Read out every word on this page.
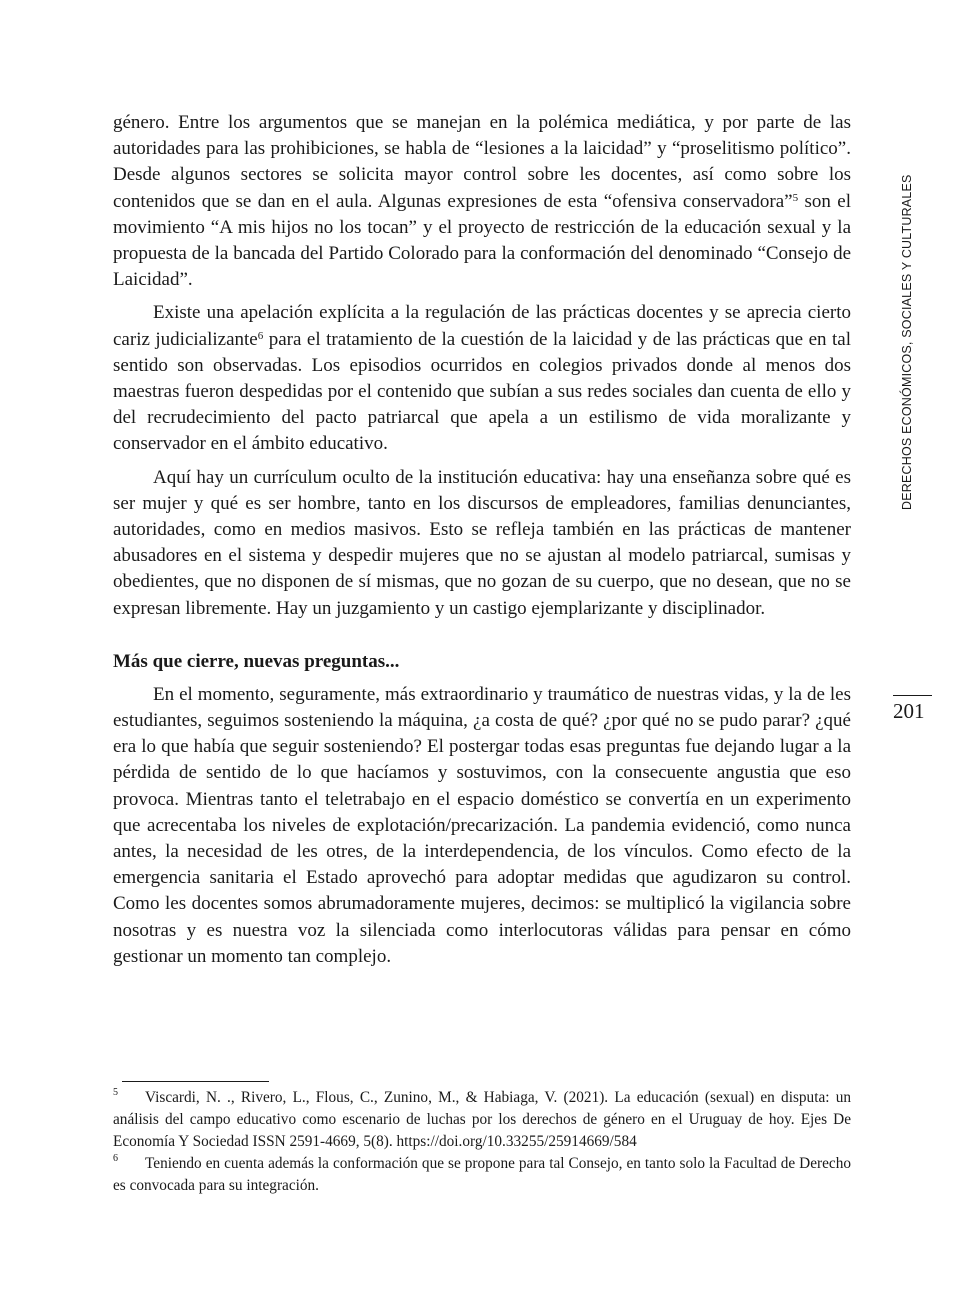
género. Entre los argumentos que se manejan en la polémica mediática, y por parte de las autoridades para las prohibiciones, se habla de “lesiones a la laicidad” y “proselitismo político”. Desde algunos sectores se solicita mayor control sobre les docentes, así como sobre los contenidos que se dan en el aula. Algunas expresiones de esta “ofensiva conservadora”$^5$ son el movimiento “A mis hijos no los tocan” y el proyecto de restricción de la educación sexual y la propuesta de la bancada del Partido Colorado para la conformación del denominado “Consejo de Laicidad”.

Existe una apelación explícita a la regulación de las prácticas docentes y se aprecia cierto cariz judicializante$^6$ para el tratamiento de la cuestión de la laicidad y de las prácticas que en tal sentido son observadas. Los episodios ocurridos en colegios privados donde al menos dos maestras fueron despedidas por el contenido que subían a sus redes sociales dan cuenta de ello y del recrudecimiento del pacto patriarcal que apela a un estilismo de vida moralizante y conservador en el ámbito educativo.

Aquí hay un currículum oculto de la institución educativa: hay una enseñanza sobre qué es ser mujer y qué es ser hombre, tanto en los discursos de empleadores, familias denunciantes, autoridades, como en medios masivos. Esto se refleja también en las prácticas de mantener abusadores en el sistema y despedir mujeres que no se ajustan al modelo patriarcal, sumisas y obedientes, que no disponen de sí mismas, que no gozan de su cuerpo, que no desean, que no se expresan libremente. Hay un juzgamiento y un castigo ejemplarizante y disciplinador.

Más que cierre, nuevas preguntas...

En el momento, seguramente, más extraordinario y traumático de nuestras vidas, y la de les estudiantes, seguimos sosteniendo la máquina, ¿a costa de qué? ¿por qué no se pudo parar? ¿qué era lo que había que seguir sosteniendo? El postergar todas esas preguntas fue dejando lugar a la pérdida de sentido de lo que hacíamos y sostuvimos, con la consecuente angustia que eso provoca. Mientras tanto el teletrabajo en el espacio doméstico se convertía en un experimento que acrecentaba los niveles de explotación/precarización. La pandemia evidenció, como nunca antes, la necesidad de les otres, de la interdependencia, de los vínculos. Como efecto de la emergencia sanitaria el Estado aprovechó para adoptar medidas que agudizaron su control. Como les docentes somos abrumadoramente mujeres, decimos: se multiplicó la vigilancia sobre nosotras y es nuestra voz la silenciada como interlocutoras válidas para pensar en cómo gestionar un momento tan complejo.

DERECHOS ECONÓMICOS, SOCIALES Y CULTURALES
201
5 Viscardi, N. ., Rivero, L., Flous, C., Zunino, M., & Habiaga, V. (2021). La educación (sexual) en disputa: un análisis del campo educativo como escenario de luchas por los derechos de género en el Uruguay de hoy. Ejes De Economía Y Sociedad ISSN 2591-4669, 5(8). https://doi.org/10.33255/25914669/584
6 Teniendo en cuenta además la conformación que se propone para tal Consejo, en tanto solo la Facultad de Derecho es convocada para su integración.
